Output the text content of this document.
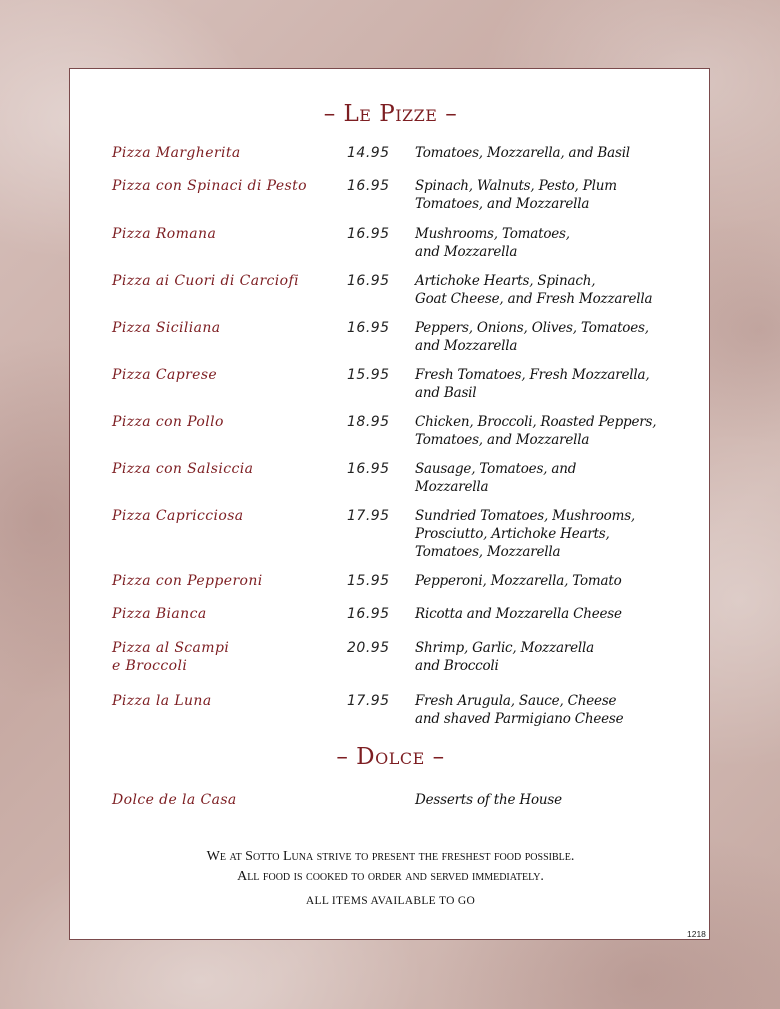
– Le Pizze –
Pizza Margherita	14.95	Tomatoes, Mozzarella, and Basil
Pizza con Spinaci di Pesto	16.95	Spinach, Walnuts, Pesto, Plum
Tomatoes, and Mozzarella
Pizza Romana	16.95	Mushrooms, Tomatoes,
and Mozzarella
Pizza ai Cuori di Carciofi	16.95	Artichoke Hearts, Spinach,
Goat Cheese, and Fresh Mozzarella
Pizza Siciliana	16.95	Peppers, Onions, Olives, Tomatoes,
and Mozzarella
Pizza Caprese	15.95	Fresh Tomatoes, Fresh Mozzarella,
and Basil
Pizza con Pollo	18.95	Chicken, Broccoli, Roasted Peppers,
Tomatoes, and Mozzarella
Pizza con Salsiccia	16.95	Sausage, Tomatoes, and
Mozzarella
Pizza Capricciosa	17.95	Sundried Tomatoes, Mushrooms,
Prosciutto, Artichoke Hearts,
Tomatoes, Mozzarella
Pizza con Pepperoni	15.95	Pepperoni, Mozzarella, Tomato
Pizza Bianca	16.95	Ricotta and Mozzarella Cheese
Pizza al Scampi
e Broccoli
20.95	Shrimp, Garlic, Mozzarella
and Broccoli
Pizza la Luna	17.95	Fresh Arugula, Sauce, Cheese
and shaved Parmigiano Cheese
– Dolce –
Dolce de la Casa	Desserts of the House
We at Sotto Luna strive to present the freshest food possible.
All food is cooked to order and served immediately.
ALL ITEMS AVAILABLE TO GO
1218
